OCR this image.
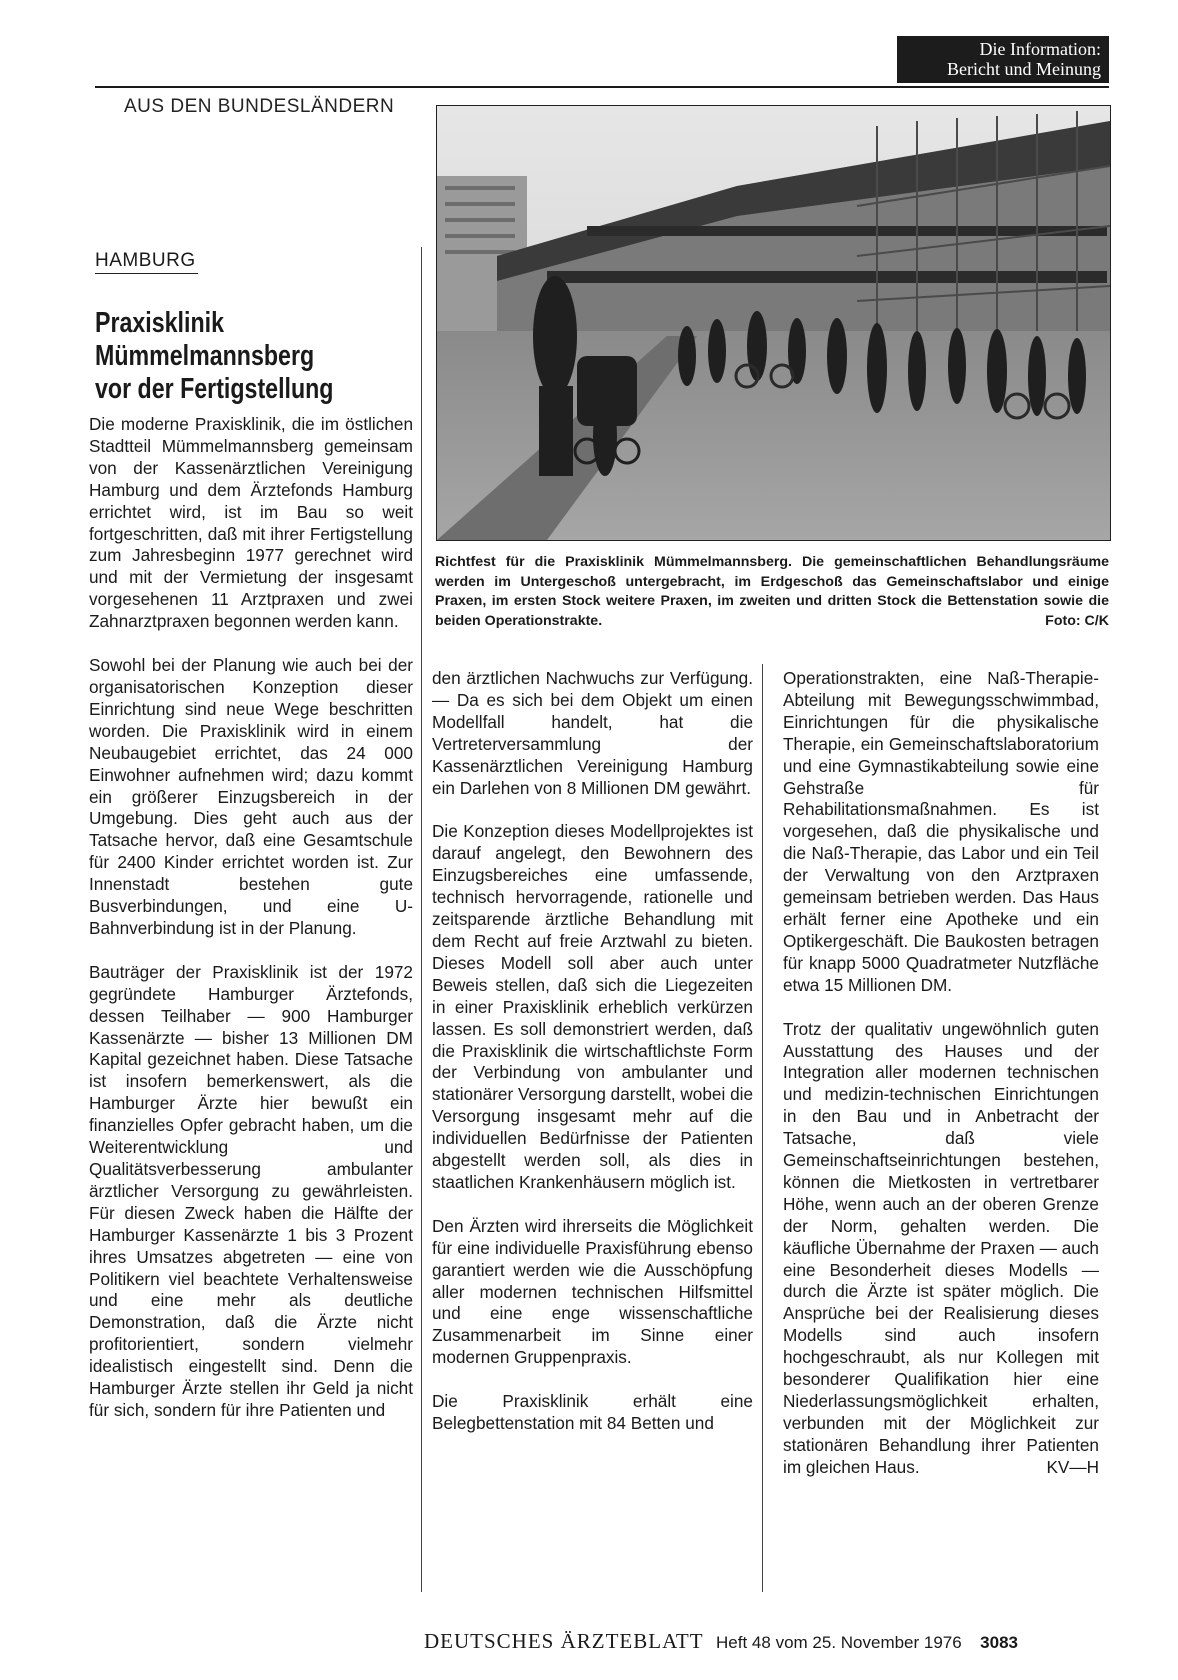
Die Information:
Bericht und Meinung
AUS DEN BUNDESLÄNDERN
Richtfest für die Praxisklinik Mümmelmannsberg. Die gemeinschaftlichen Behandlungsräume werden im Untergeschoß untergebracht, im Erdgeschoß das Gemeinschaftslabor und einige Praxen, im ersten Stock weitere Praxen, im zweiten und dritten Stock die Bettenstation sowie die beiden Operationstrakte.	Foto: C/K
HAMBURG
Praxisklinik
Mümmelmannsberg
vor der Fertigstellung

Die moderne Praxisklinik, die im östlichen Stadtteil Mümmelmannsberg gemeinsam von der Kassenärztlichen Vereinigung Hamburg und dem Ärztefonds Hamburg errichtet wird, ist im Bau so weit fortgeschritten, daß mit ihrer Fertigstellung zum Jahresbeginn 1977 gerechnet wird und mit der Vermietung der insgesamt vorgesehenen 11 Arztpraxen und zwei Zahnarztpraxen begonnen werden kann.

Sowohl bei der Planung wie auch bei der organisatorischen Konzeption dieser Einrichtung sind neue Wege beschritten worden. Die Praxisklinik wird in einem Neubaugebiet errichtet, das 24 000 Einwohner aufnehmen wird; dazu kommt ein größerer Einzugsbereich in der Umgebung. Dies geht auch aus der Tatsache hervor, daß eine Gesamtschule für 2400 Kinder errichtet worden ist. Zur Innenstadt bestehen gute Busverbindungen, und eine U-Bahnverbindung ist in der Planung.

Bauträger der Praxisklinik ist der 1972 gegründete Hamburger Ärztefonds, dessen Teilhaber — 900 Hamburger Kassenärzte — bisher 13 Millionen DM Kapital gezeichnet haben. Diese Tatsache ist insofern bemerkenswert, als die Hamburger Ärzte hier bewußt ein finanzielles Opfer gebracht haben, um die Weiterentwicklung und Qualitätsverbesserung ambulanter ärztlicher Versorgung zu gewährleisten. Für diesen Zweck haben die Hälfte der Hamburger Kassenärzte 1 bis 3 Prozent ihres Umsatzes abgetreten — eine von Politikern viel beachtete Verhaltensweise und eine mehr als deutliche Demonstration, daß die Ärzte nicht profitorientiert, sondern vielmehr idealistisch eingestellt sind. Denn die Hamburger Ärzte stellen ihr Geld ja nicht für sich, sondern für ihre Patienten und

den ärztlichen Nachwuchs zur Verfügung. — Da es sich bei dem Objekt um einen Modellfall handelt, hat die Vertreterversammlung der Kassenärztlichen Vereinigung Hamburg ein Darlehen von 8 Millionen DM gewährt.

Die Konzeption dieses Modellprojektes ist darauf angelegt, den Bewohnern des Einzugsbereiches eine umfassende, technisch hervorragende, rationelle und zeitsparende ärztliche Behandlung mit dem Recht auf freie Arztwahl zu bieten. Dieses Modell soll aber auch unter Beweis stellen, daß sich die Liegezeiten in einer Praxisklinik erheblich verkürzen lassen. Es soll demonstriert werden, daß die Praxisklinik die wirtschaftlichste Form der Verbindung von ambulanter und stationärer Versorgung darstellt, wobei die Versorgung insgesamt mehr auf die individuellen Bedürfnisse der Patienten abgestellt werden soll, als dies in staatlichen Krankenhäusern möglich ist.

Den Ärzten wird ihrerseits die Möglichkeit für eine individuelle Praxisführung ebenso garantiert werden wie die Ausschöpfung aller modernen technischen Hilfsmittel und eine enge wissenschaftliche Zusammenarbeit im Sinne einer modernen Gruppenpraxis.

Die Praxisklinik erhält eine Belegbettenstation mit 84 Betten und

Operationstrakten, eine Naß-Therapie-Abteilung mit Bewegungsschwimmbad, Einrichtungen für die physikalische Therapie, ein Gemeinschaftslaboratorium und eine Gymnastikabteilung sowie eine Gehstraße für Rehabilitationsmaßnahmen. Es ist vorgesehen, daß die physikalische und die Naß-Therapie, das Labor und ein Teil der Verwaltung von den Arztpraxen gemeinsam betrieben werden. Das Haus erhält ferner eine Apotheke und ein Optikergeschäft. Die Baukosten betragen für knapp 5000 Quadratmeter Nutzfläche etwa 15 Millionen DM.

Trotz der qualitativ ungewöhnlich guten Ausstattung des Hauses und der Integration aller modernen technischen und medizin-technischen Einrichtungen in den Bau und in Anbetracht der Tatsache, daß viele Gemeinschaftseinrichtungen bestehen, können die Mietkosten in vertretbarer Höhe, wenn auch an der oberen Grenze der Norm, gehalten werden. Die käufliche Übernahme der Praxen — auch eine Besonderheit dieses Modells — durch die Ärzte ist später möglich. Die Ansprüche bei der Realisierung dieses Modells sind auch insofern hochgeschraubt, als nur Kollegen mit besonderer Qualifikation hier eine Niederlassungsmöglichkeit erhalten, verbunden mit der Möglichkeit zur stationären Behandlung ihrer Patienten im gleichen Haus.	KV—H

DEUTSCHES ÄRZTEBLATT Heft 48 vom 25. November 1976 3083
